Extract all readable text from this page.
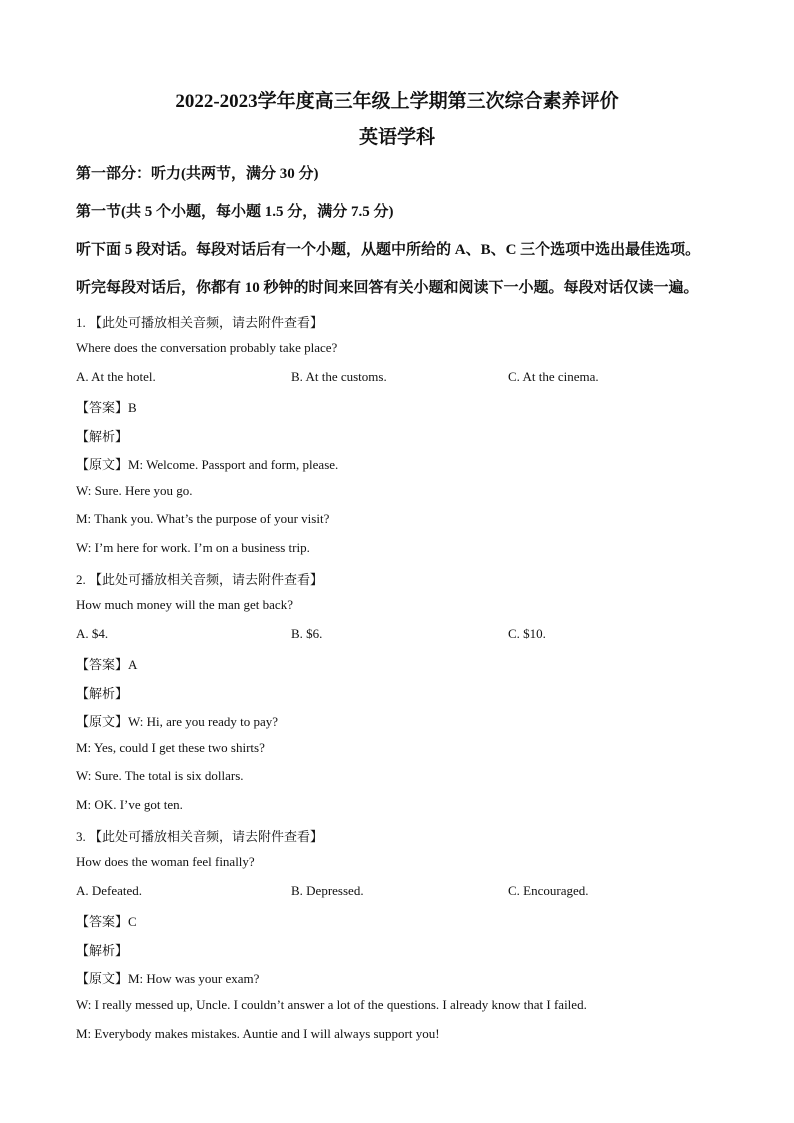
2022-2023学年度高三年级上学期第三次综合素养评价
英语学科
第一部分：听力(共两节，满分 30 分)
第一节(共 5 个小题，每小题 1.5 分，满分 7.5 分)
听下面 5 段对话。每段对话后有一个小题，从题中所给的 A、B、C 三个选项中选出最佳选项。
听完每段对话后，你都有 10 秒钟的时间来回答有关小题和阅读下一小题。每段对话仅读一遍。
1. 【此处可播放相关音频，请去附件查看】
Where does the conversation probably take place?
A. At the hotel.	B. At the customs.	C. At the cinema.
【答案】B
【解析】
【原文】M: Welcome. Passport and form, please.
W: Sure. Here you go.
M: Thank you. What’s the purpose of your visit?
W: I’m here for work. I’m on a business trip.
2. 【此处可播放相关音频，请去附件查看】
How much money will the man get back?
A. $4.	B. $6.	C. $10.
【答案】A
【解析】
【原文】W: Hi, are you ready to pay?
M: Yes, could I get these two shirts?
W: Sure. The total is six dollars.
M: OK. I’ve got ten.
3. 【此处可播放相关音频，请去附件查看】
How does the woman feel finally?
A. Defeated.	B. Depressed.	C. Encouraged.
【答案】C
【解析】
【原文】M: How was your exam?
W: I really messed up, Uncle. I couldn’t answer a lot of the questions. I already know that I failed.
M: Everybody makes mistakes. Auntie and I will always support you!
